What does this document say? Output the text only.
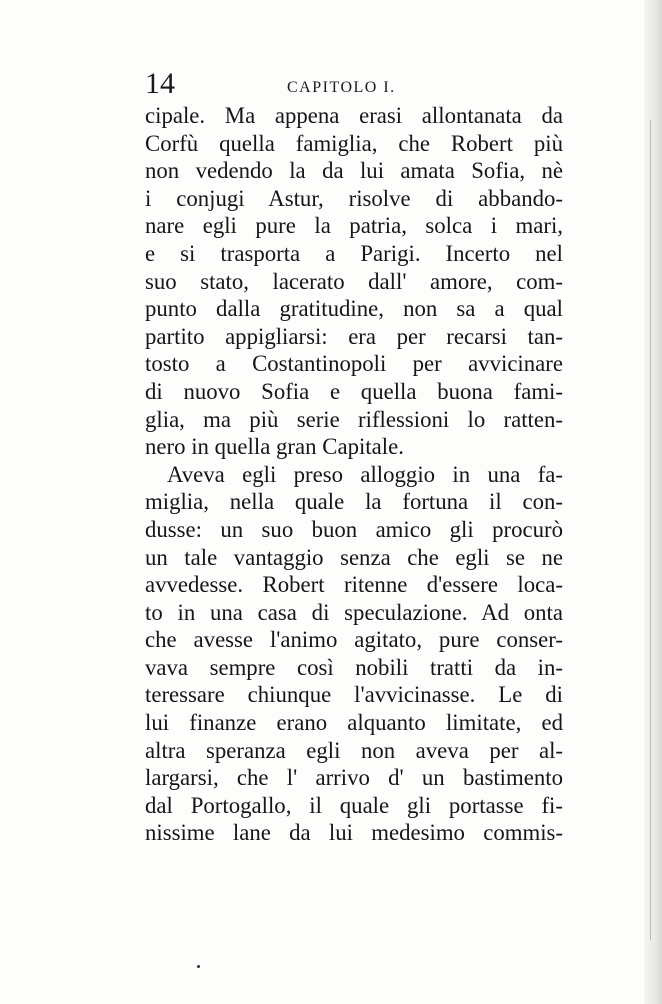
14	CAPITOLO I.
cipale. Ma appena erasi allontanata da
Corfù quella famiglia, che Robert più
non vedendo la da lui amata Sofia, nè
i conjugi Astur, risolve di abbando-
nare egli pure la patria, solca i mari,
e si trasporta a Parigi. Incerto nel
suo stato, lacerato dall' amore, com-
punto dalla gratitudine, non sa a qual
partito appigliarsi: era per recarsi tan-
tosto a Costantinopoli per avvicinare
di nuovo Sofia e quella buona fami-
glia, ma più serie riflessioni lo ratten-
nero in quella gran Capitale.
Aveva egli preso alloggio in una fa-
miglia, nella quale la fortuna il con-
dusse: un suo buon amico gli procurò
un tale vantaggio senza che egli se ne
avvedesse. Robert ritenne d'essere loca-
to in una casa di speculazione. Ad onta
che avesse l'animo agitato, pure conser-
vava sempre così nobili tratti da in-
teressare chiunque l'avvicinasse. Le di
lui finanze erano alquanto limitate, ed
altra speranza egli non aveva per al-
largarsi, che l' arrivo d' un bastimento
dal Portogallo, il quale gli portasse fi-
nissime lane da lui medesimo commis-
